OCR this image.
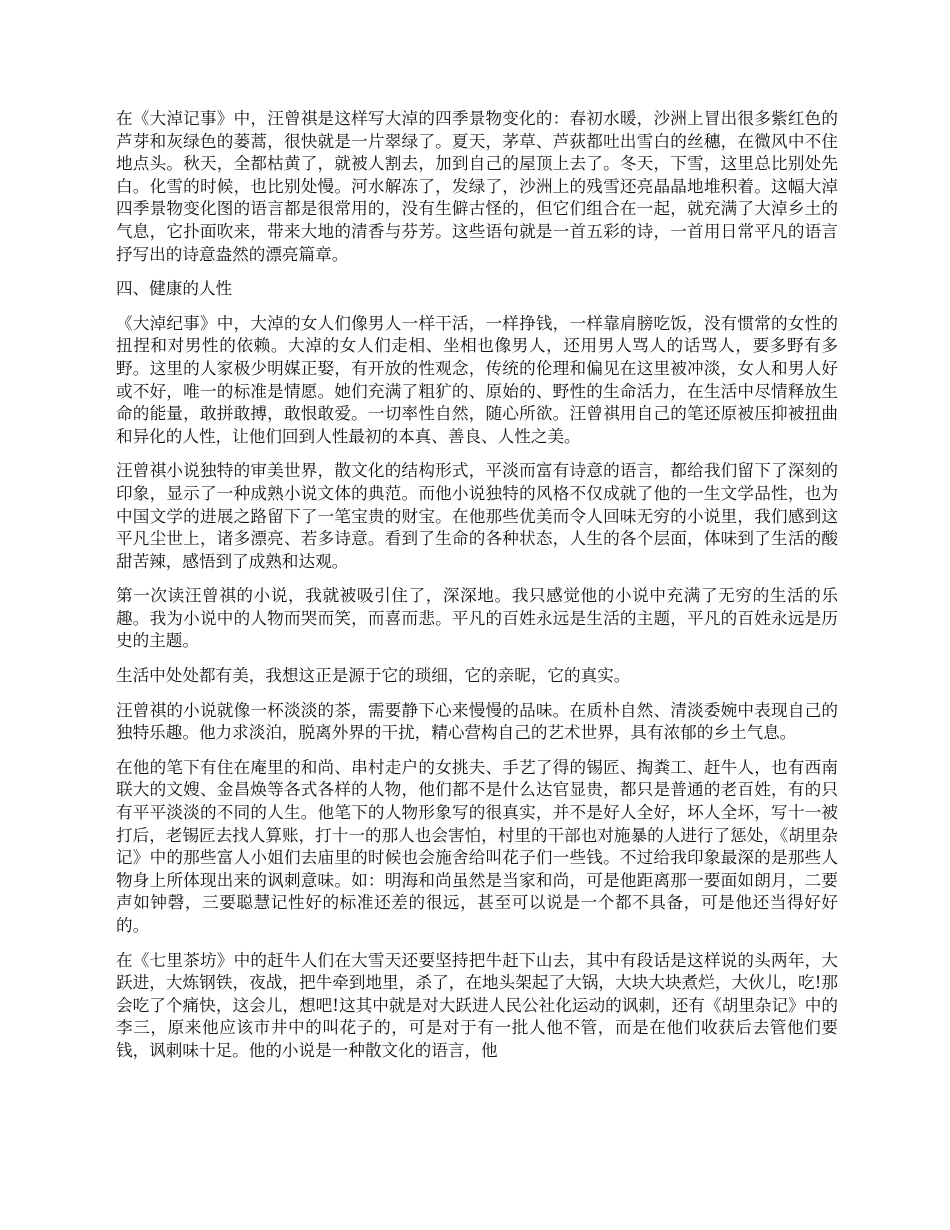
在《大淖记事》中，汪曾祺是这样写大淖的四季景物变化的：春初水暖，沙洲上冒出很多紫红色的芦芽和灰绿色的蒌蒿，很快就是一片翠绿了。夏天，茅草、芦荻都吐出雪白的丝穗，在微风中不住地点头。秋天，全都枯黄了，就被人割去，加到自己的屋顶上去了。冬天，下雪，这里总比别处先白。化雪的时候，也比别处慢。河水解冻了，发绿了，沙洲上的残雪还亮晶晶地堆积着。这幅大淖四季景物变化图的语言都是很常用的，没有生僻古怪的，但它们组合在一起，就充满了大淖乡土的气息，它扑面吹来，带来大地的清香与芬芳。这些语句就是一首五彩的诗，一首用日常平凡的语言抒写出的诗意盎然的漂亮篇章。

四、健康的人性

《大淖纪事》中，大淖的女人们像男人一样干活，一样挣钱，一样靠肩膀吃饭，没有惯常的女性的扭捏和对男性的依赖。大淖的女人们走相、坐相也像男人，还用男人骂人的话骂人，要多野有多野。这里的人家极少明媒正娶，有开放的性观念，传统的伦理和偏见在这里被冲淡，女人和男人好或不好，唯一的标准是情愿。她们充满了粗犷的、原始的、野性的生命活力，在生活中尽情释放生命的能量，敢拼敢搏，敢恨敢爱。一切率性自然，随心所欲。汪曾祺用自己的笔还原被压抑被扭曲和异化的人性，让他们回到人性最初的本真、善良、人性之美。

汪曾祺小说独特的审美世界，散文化的结构形式，平淡而富有诗意的语言，都给我们留下了深刻的印象，显示了一种成熟小说文体的典范。而他小说独特的风格不仅成就了他的一生文学品性，也为中国文学的进展之路留下了一笔宝贵的财宝。在他那些优美而令人回味无穷的小说里，我们感到这平凡尘世上，诸多漂亮、若多诗意。看到了生命的各种状态，人生的各个层面，体味到了生活的酸甜苦辣，感悟到了成熟和达观。

第一次读汪曾祺的小说，我就被吸引住了，深深地。我只感觉他的小说中充满了无穷的生活的乐趣。我为小说中的人物而哭而笑，而喜而悲。平凡的百姓永远是生活的主题，平凡的百姓永远是历史的主题。

生活中处处都有美，我想这正是源于它的琐细，它的亲昵，它的真实。

汪曾祺的小说就像一杯淡淡的茶，需要静下心来慢慢的品味。在质朴自然、清淡委婉中表现自己的独特乐趣。他力求淡泊，脱离外界的干扰，精心营构自己的艺术世界，具有浓郁的乡土气息。

在他的笔下有住在庵里的和尚、串村走户的女挑夫、手艺了得的锡匠、掏粪工、赶牛人，也有西南联大的文嫂、金昌焕等各式各样的人物，他们都不是什么达官显贵，都只是普通的老百姓，有的只有平平淡淡的不同的人生。他笔下的人物形象写的很真实，并不是好人全好，坏人全坏，写十一被打后，老锡匠去找人算账，打十一的那人也会害怕，村里的干部也对施暴的人进行了惩处，《胡里杂记》中的那些富人小姐们去庙里的时候也会施舍给叫花子们一些钱。不过给我印象最深的是那些人物身上所体现出来的讽刺意味。如：明海和尚虽然是当家和尚，可是他距离那一要面如朗月，二要声如钟磬，三要聪慧记性好的标准还差的很远，甚至可以说是一个都不具备，可是他还当得好好的。

在《七里茶坊》中的赶牛人们在大雪天还要坚持把牛赶下山去，其中有段话是这样说的头两年，大跃进，大炼钢铁，夜战，把牛牵到地里，杀了，在地头架起了大锅，大块大块煮烂，大伙儿，吃!那会吃了个痛快，这会儿，想吧!这其中就是对大跃进人民公社化运动的讽刺，还有《胡里杂记》中的李三，原来他应该市井中的叫花子的，可是对于有一批人他不管，而是在他们收获后去管他们要钱，讽刺味十足。他的小说是一种散文化的语言，他
